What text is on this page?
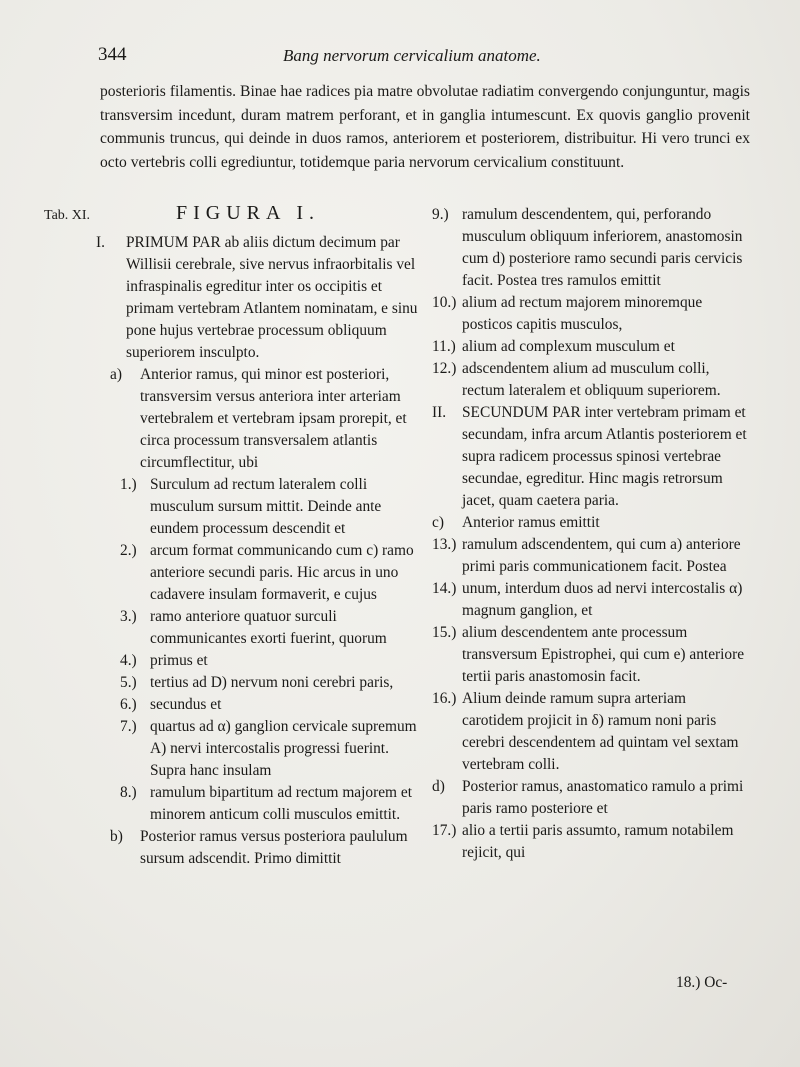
344	Bang nervorum cervicalium anatome.

posterioris filamentis. Binae hae radices pia matre obvolutae radiatim convergendo conjunguntur, magis transversim incedunt, duram matrem perforant, et in ganglia intumescunt. Ex quovis ganglio provenit communis truncus, qui deinde in duos ramos, anteriorem et posteriorem, distribuitur. Hi vero trunci ex octo vertebris colli egrediuntur, totidemque paria nervorum cervicalium constituunt.

Tab. XI.	FIGURA I.
I.	PRIMUM PAR ab aliis dictum decimum par Willisii cerebrale, sive nervus infraorbitalis vel infraspinalis egreditur inter os occipitis et primam vertebram Atlantem nominatam, e sinu pone hujus vertebrae processum obliquum superiorem insculpto.
a)	Anterior ramus, qui minor est posteriori, transversim versus anteriora inter arteriam vertebralem et vertebram ipsam prorepit, et circa processum transversalem atlantis circumflectitur, ubi
1.) Surculum ad rectum lateralem colli musculum sursum mittit. Deinde ante eundem processum descendit et
2.) arcum format communicando cum c) ramo anteriore secundi paris. Hic arcus in uno cadavere insulam formaverit, e cujus
3.) ramo anteriore quatuor surculi communicantes exorti fuerint, quorum
4.) primus et
5.) tertius ad D) nervum noni cerebri paris,
6.) secundus et
7.) quartus ad α) ganglion cervicale supremum A) nervi intercostalis progressi fuerint. Supra hanc insulam
8.) ramulum bipartitum ad rectum majorem et minorem anticum colli musculos emittit.
b)	Posterior ramus versus posteriora paululum sursum adscendit. Primo dimittit
9.) ramulum descendentem, qui, perforando musculum obliquum inferiorem, anastomosin cum d) posteriore ramo secundi paris cervicis facit. Postea tres ramulos emittit
10.) alium ad rectum majorem minoremque posticos capitis musculos,
11.) alium ad complexum musculum et
12.) adscendentem alium ad musculum colli, rectum lateralem et obliquum superiorem.
II.	SECUNDUM PAR inter vertebram primam et secundam, infra arcum Atlantis posteriorem et supra radicem processus spinosi vertebrae secundae, egreditur. Hinc magis retrorsum jacet, quam caetera paria.
c)	Anterior ramus emittit
13.) ramulum adscendentem, qui cum a) anteriore primi paris communicationem facit. Postea
14.) unum, interdum duos ad nervi intercostalis α) magnum ganglion, et
15.) alium descendentem ante processum transversum Epistrophei, qui cum e) anteriore tertii paris anastomosin facit.
16.) Alium deinde ramum supra arteriam carotidem projicit in δ) ramum noni paris cerebri descendentem ad quintam vel sextam vertebram colli.
d)	Posterior ramus, anastomatico ramulo a primi paris ramo posteriore et
17.) alio a tertii paris assumto, ramum notabilem rejicit, qui
18.) Oc-
